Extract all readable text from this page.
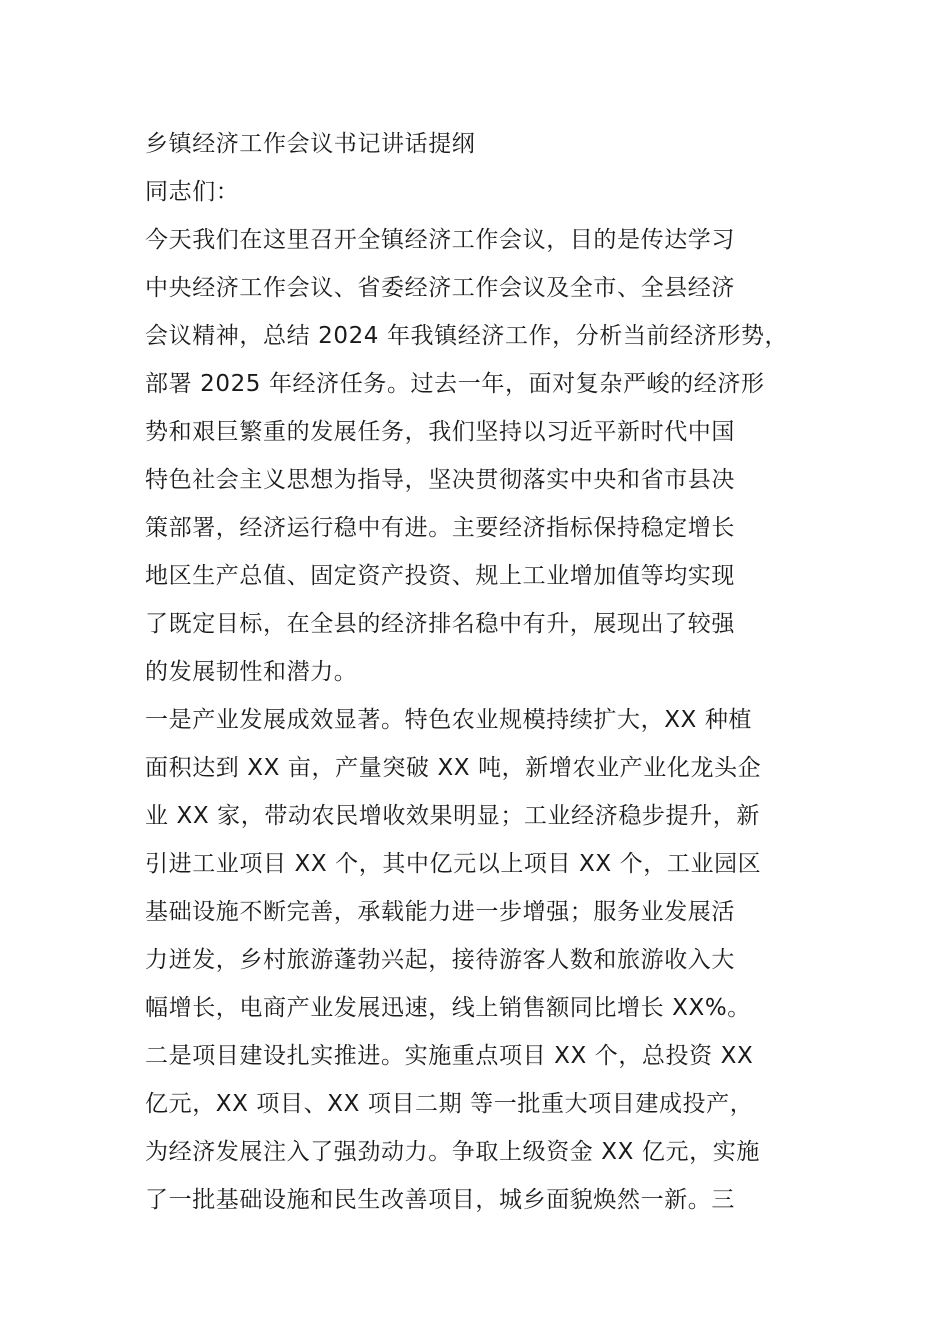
乡镇经济工作会议书记讲话提纲
同志们：
今天我们在这里召开全镇经济工作会议，目的是传达学习
中央经济工作会议、省委经济工作会议及全市、全县经济
会议精神，总结 2024 年我镇经济工作，分析当前经济形势，
部署 2025 年经济任务。过去一年，面对复杂严峻的经济形
势和艰巨繁重的发展任务，我们坚持以习近平新时代中国
特色社会主义思想为指导，坚决贯彻落实中央和省市县决
策部署，经济运行稳中有进。主要经济指标保持稳定增长
地区生产总值、固定资产投资、规上工业增加值等均实现
了既定目标，在全县的经济排名稳中有升，展现出了较强
的发展韧性和潜力。
一是产业发展成效显著。特色农业规模持续扩大，XX 种植
面积达到 XX 亩，产量突破 XX 吨，新增农业产业化龙头企
业 XX 家，带动农民增收效果明显；工业经济稳步提升，新
引进工业项目 XX 个，其中亿元以上项目 XX 个，工业园区
基础设施不断完善，承载能力进一步增强；服务业发展活
力迸发，乡村旅游蓬勃兴起，接待游客人数和旅游收入大
幅增长，电商产业发展迅速，线上销售额同比增长 XX%。
二是项目建设扎实推进。实施重点项目 XX 个，总投资 XX
亿元，XX 项目、XX 项目二期 等一批重大项目建成投产，
为经济发展注入了强劲动力。争取上级资金 XX 亿元，实施
了一批基础设施和民生改善项目，城乡面貌焕然一新。三
